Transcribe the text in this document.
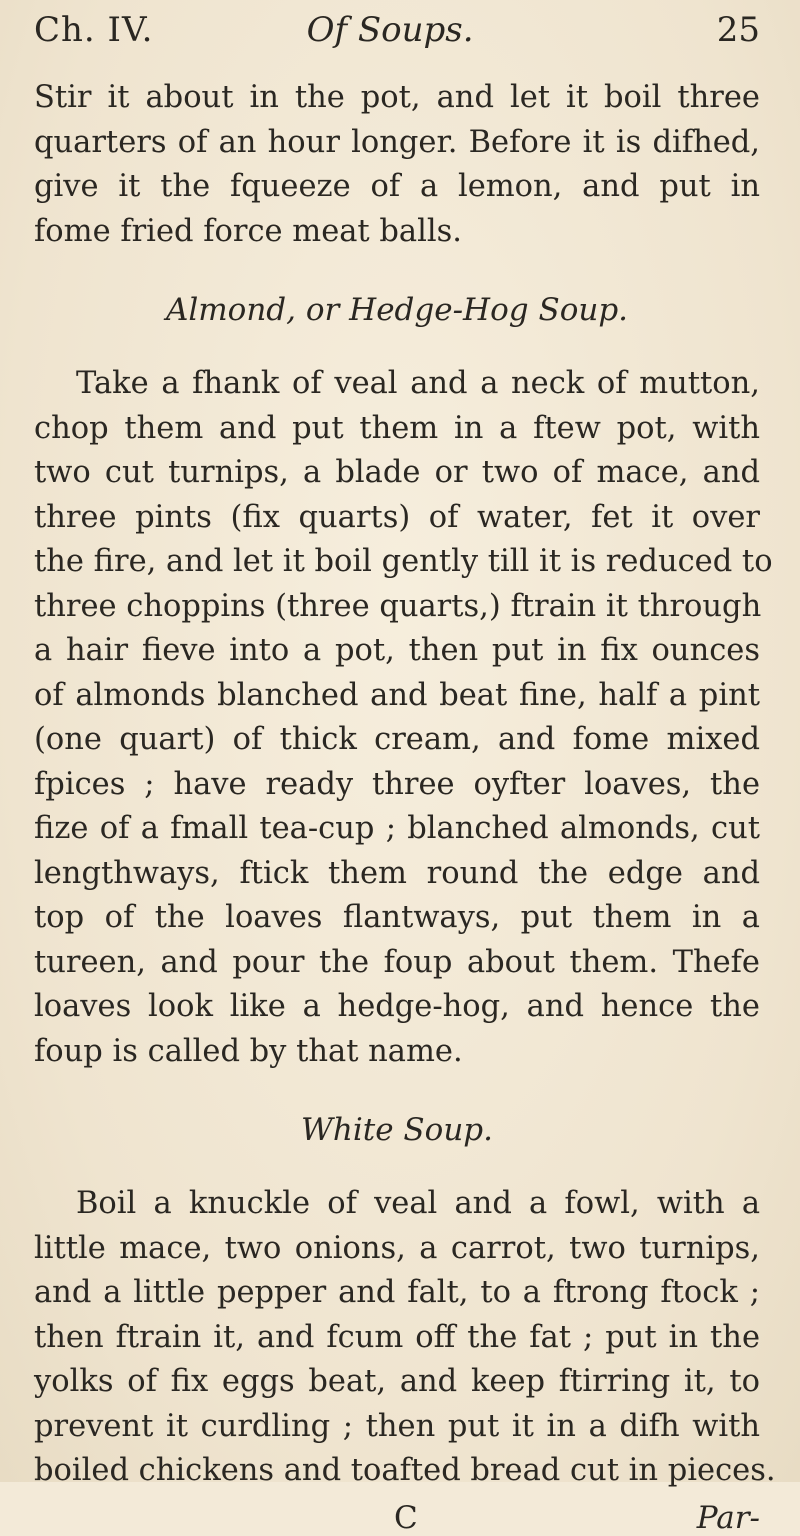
Ch. IV.	Of Soups.	25

Stir it about in the pot, and let it boil three
quarters of an hour longer. Before it is difhed,
give it the fqueeze of a lemon, and put in
fome fried force meat balls.

Almond, or Hedge-Hog Soup.

Take a fhank of veal and a neck of mutton,
chop them and put them in a ftew pot, with
two cut turnips, a blade or two of mace, and
three pints (fix quarts) of water, fet it over
the fire, and let it boil gently till it is reduced to
three choppins (three quarts,) ftrain it through
a hair fieve into a pot, then put in fix ounces
of almonds blanched and beat fine, half a pint
(one quart) of thick cream, and fome mixed
fpices ; have ready three oyfter loaves, the
fize of a fmall tea-cup ; blanched almonds, cut
lengthways, ftick them round the edge and
top of the loaves flantways, put them in a
tureen, and pour the foup about them. Thefe
loaves look like a hedge-hog, and hence the
foup is called by that name.

White Soup.

Boil a knuckle of veal and a fowl, with a
little mace, two onions, a carrot, two turnips,
and a little pepper and falt, to a ftrong ftock ;
then ftrain it, and fcum off the fat ; put in the
yolks of fix eggs beat, and keep ftirring it, to
prevent it curdling ; then put it in a difh with
boiled chickens and toafted bread cut in pieces.

C	Par-
